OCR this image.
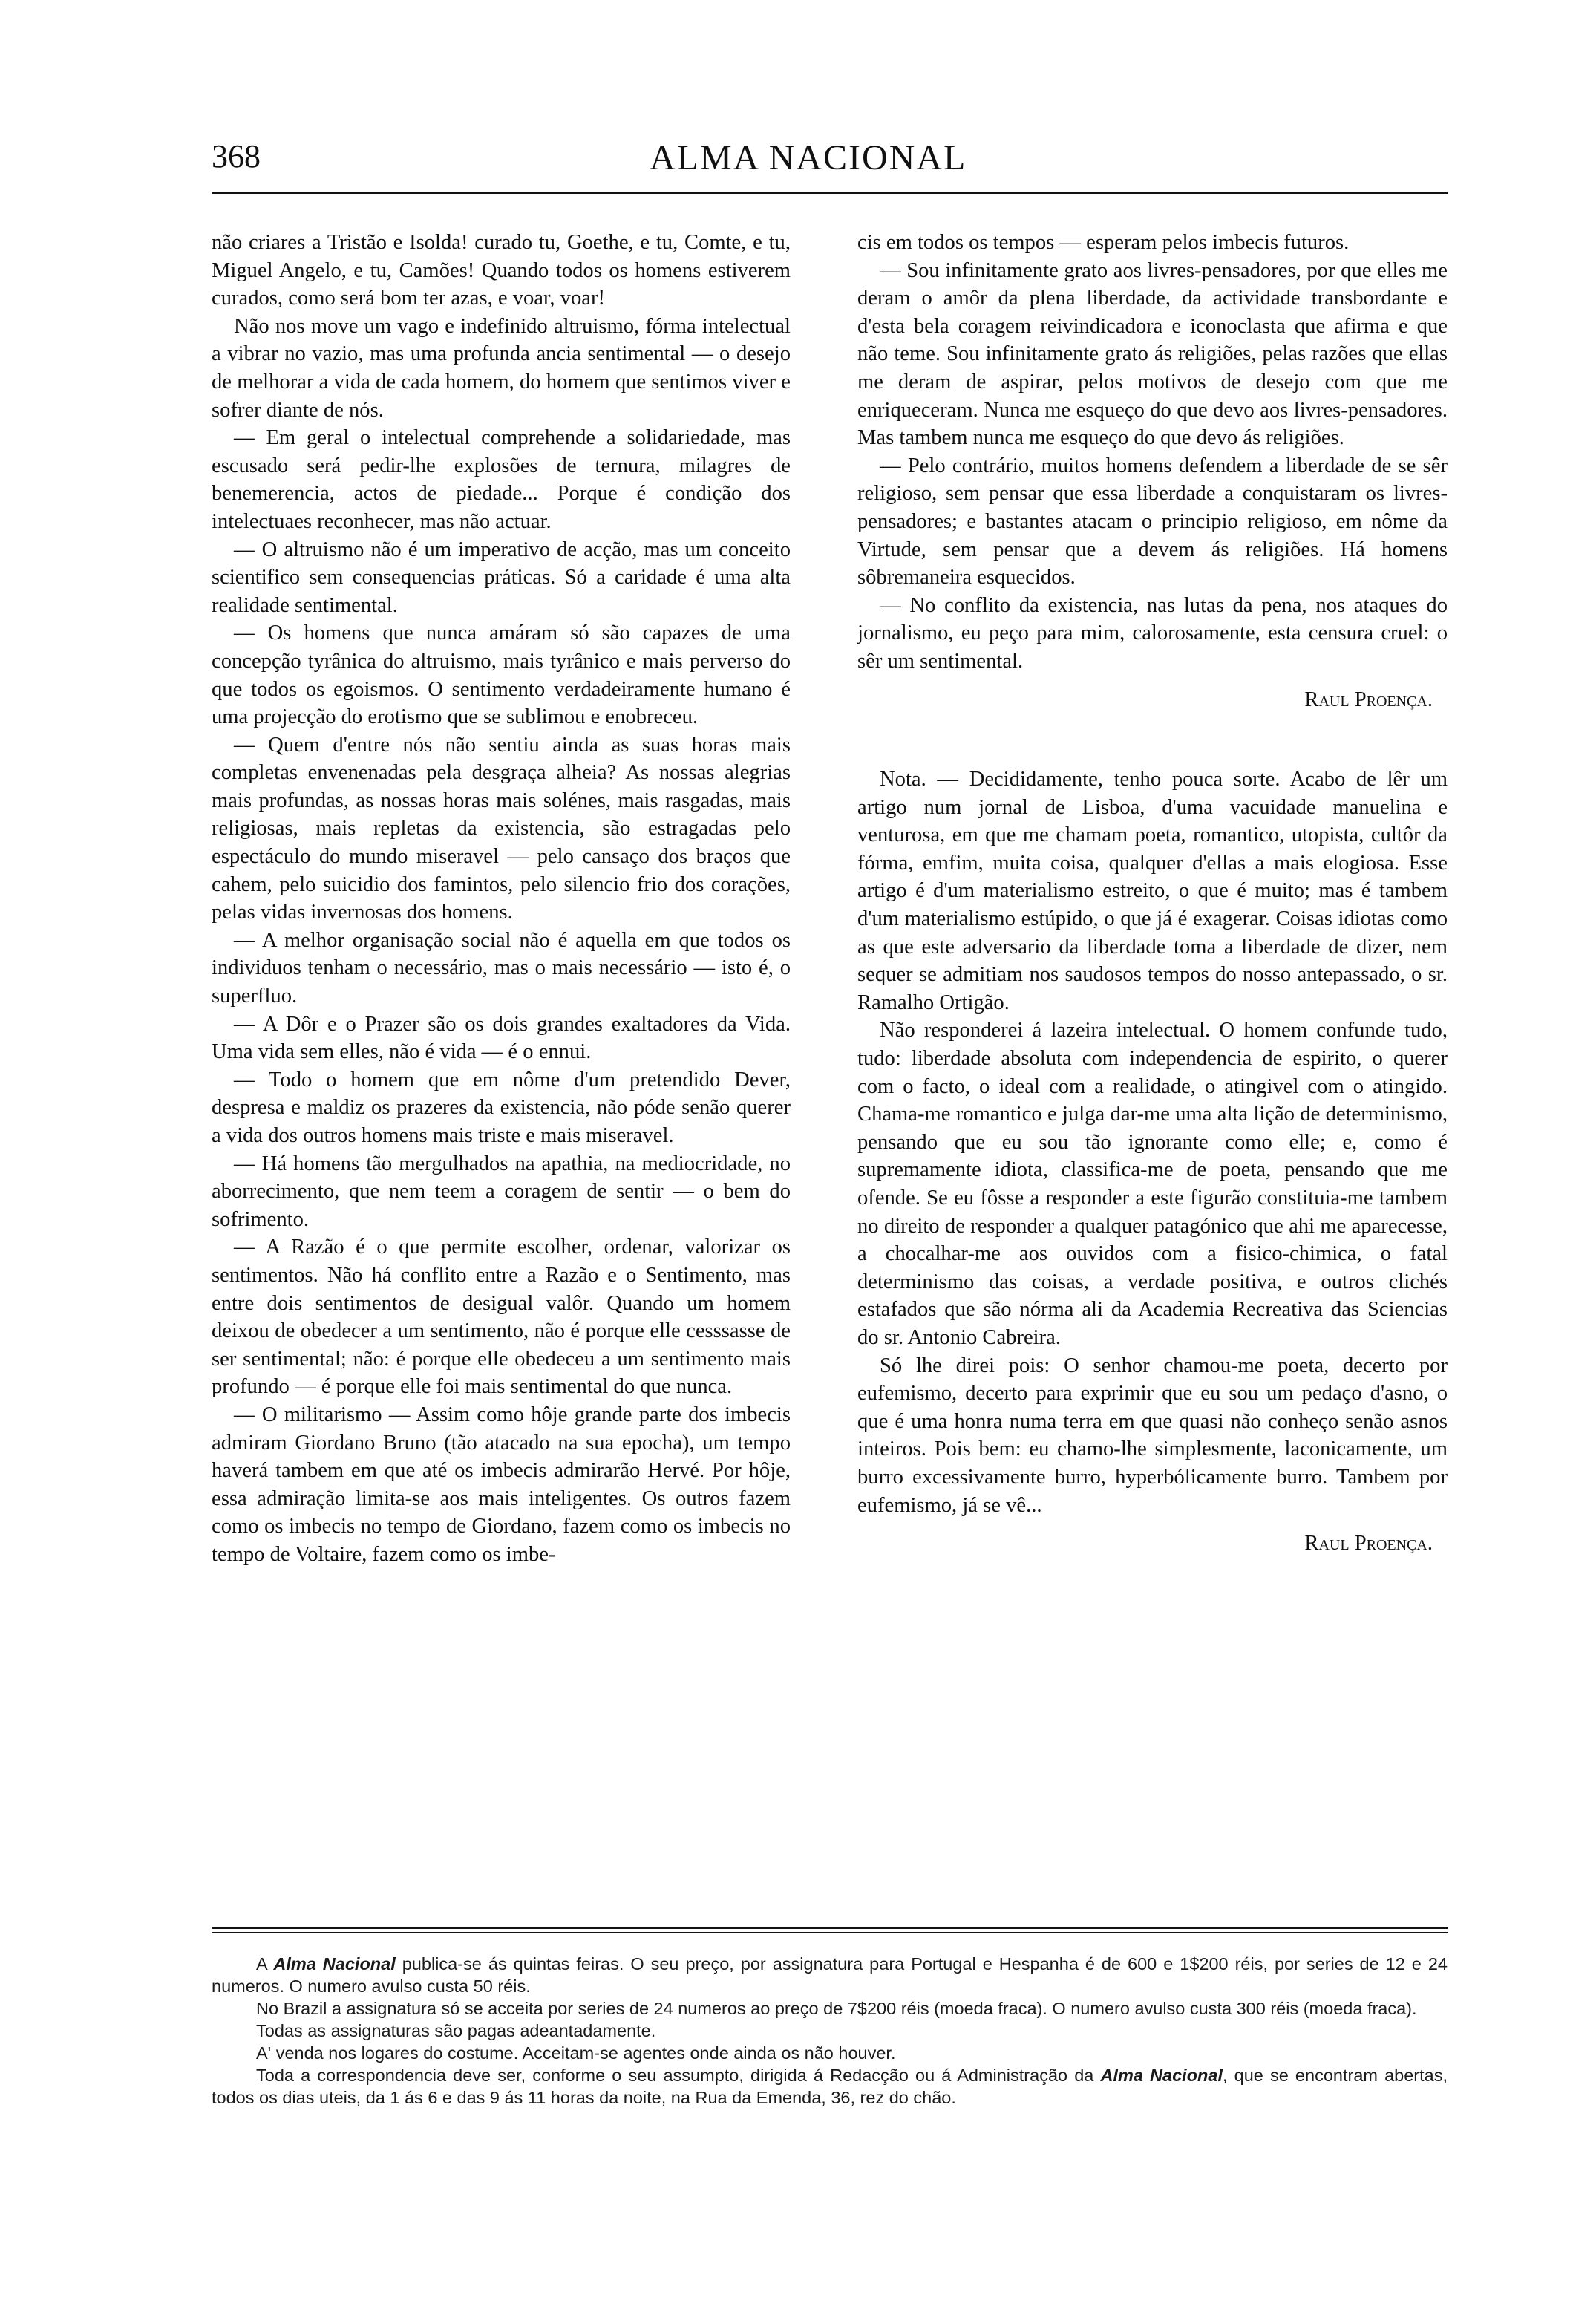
368	ALMA NACIONAL

não criares a Tristão e Isolda! curado tu, Goethe, e tu, Comte, e tu, Miguel Angelo, e tu, Camões! Quando todos os homens estiverem curados, como será bom ter azas, e voar, voar!

Não nos move um vago e indefinido altruismo, fórma intelectual a vibrar no vazio, mas uma profunda ancia sentimental — o desejo de melhorar a vida de cada homem, do homem que sentimos viver e sofrer diante de nós.

— Em geral o intelectual comprehende a solidariedade, mas escusado será pedir-lhe explosões de ternura, milagres de benemerencia, actos de piedade... Porque é condição dos intelectuaes reconhecer, mas não actuar.

— O altruismo não é um imperativo de acção, mas um conceito scientifico sem consequencias práticas. Só a caridade é uma alta realidade sentimental.

— Os homens que nunca amáram só são capazes de uma concepção tyrânica do altruismo, mais tyrânico e mais perverso do que todos os egoismos. O sentimento verdadeiramente humano é uma projecção do erotismo que se sublimou e enobreceu.

— Quem d'entre nós não sentiu ainda as suas horas mais completas envenenadas pela desgraça alheia? As nossas alegrias mais profundas, as nossas horas mais solénes, mais rasgadas, mais religiosas, mais repletas da existencia, são estragadas pelo espectáculo do mundo miseravel — pelo cansaço dos braços que cahem, pelo suicidio dos famintos, pelo silencio frio dos corações, pelas vidas invernosas dos homens.

— A melhor organisação social não é aquella em que todos os individuos tenham o necessário, mas o mais necessário — isto é, o superfluo.

— A Dôr e o Prazer são os dois grandes exaltadores da Vida. Uma vida sem elles, não é vida — é o ennui.

— Todo o homem que em nôme d'um pretendido Dever, despresa e maldiz os prazeres da existencia, não póde senão querer a vida dos outros homens mais triste e mais miseravel.

— Há homens tão mergulhados na apathia, na mediocridade, no aborrecimento, que nem teem a coragem de sentir — o bem do sofrimento.

— A Razão é o que permite escolher, ordenar, valorizar os sentimentos. Não há conflito entre a Razão e o Sentimento, mas entre dois sentimentos de desigual valôr. Quando um homem deixou de obedecer a um sentimento, não é porque elle cesssasse de ser sentimental; não: é porque elle obedeceu a um sentimento mais profundo — é porque elle foi mais sentimental do que nunca.

— O militarismo — Assim como hôje grande parte dos imbecis admiram Giordano Bruno (tão atacado na sua epocha), um tempo haverá tambem em que até os imbecis admirarão Hervé. Por hôje, essa admiração limita-se aos mais inteligentes. Os outros fazem como os imbecis no tempo de Giordano, fazem como os imbecis no tempo de Voltaire, fazem como os imbe-

cis em todos os tempos — esperam pelos imbecis futuros.

— Sou infinitamente grato aos livres-pensadores, por que elles me deram o amôr da plena liberdade, da actividade transbordante e d'esta bela coragem reivindicadora e iconoclasta que afirma e que não teme. Sou infinitamente grato ás religiões, pelas razões que ellas me deram de aspirar, pelos motivos de desejo com que me enriqueceram. Nunca me esqueço do que devo aos livres-pensadores. Mas tambem nunca me esqueço do que devo ás religiões.

— Pelo contrário, muitos homens defendem a liberdade de se sêr religioso, sem pensar que essa liberdade a conquistaram os livres-pensadores; e bastantes atacam o principio religioso, em nôme da Virtude, sem pensar que a devem ás religiões. Há homens sôbremaneira esquecidos.

— No conflito da existencia, nas lutas da pena, nos ataques do jornalismo, eu peço para mim, calorosamente, esta censura cruel: o sêr um sentimental.

Raul Proença.

Nota. — Decididamente, tenho pouca sorte. Acabo de lêr um artigo num jornal de Lisboa, d'uma vacuidade manuelina e venturosa, em que me chamam poeta, romantico, utopista, cultôr da fórma, emfim, muita coisa, qualquer d'ellas a mais elogiosa. Esse artigo é d'um materialismo estreito, o que é muito; mas é tambem d'um materialismo estúpido, o que já é exagerar. Coisas idiotas como as que este adversario da liberdade toma a liberdade de dizer, nem sequer se admitiam nos saudosos tempos do nosso antepassado, o sr. Ramalho Ortigão.

Não responderei á lazeira intelectual. O homem confunde tudo, tudo: liberdade absoluta com independencia de espirito, o querer com o facto, o ideal com a realidade, o atingivel com o atingido. Chama-me romantico e julga dar-me uma alta lição de determinismo, pensando que eu sou tão ignorante como elle; e, como é supremamente idiota, classifica-me de poeta, pensando que me ofende. Se eu fôsse a responder a este figurão constituia-me tambem no direito de responder a qualquer patagónico que ahi me aparecesse, a chocalhar-me aos ouvidos com a fisico-chimica, o fatal determinismo das coisas, a verdade positiva, e outros clichés estafados que são nórma ali da Academia Recreativa das Sciencias do sr. Antonio Cabreira.

Só lhe direi pois: O senhor chamou-me poeta, decerto por eufemismo, decerto para exprimir que eu sou um pedaço d'asno, o que é uma honra numa terra em que quasi não conheço senão asnos inteiros. Pois bem: eu chamo-lhe simplesmente, laconicamente, um burro excessivamente burro, hyperbólicamente burro. Tambem por eufemismo, já se vê...

Raul Proença.

A Alma Nacional publica-se ás quintas feiras. O seu preço, por assignatura para Portugal e Hespanha é de 600 e 1$200 réis, por series de 12 e 24 numeros. O numero avulso custa 50 réis.

No Brazil a assignatura só se acceita por series de 24 numeros ao preço de 7$200 réis (moeda fraca). O numero avulso custa 300 réis (moeda fraca).

Todas as assignaturas são pagas adeantadamente.

A' venda nos logares do costume. Acceitam-se agentes onde ainda os não houver.

Toda a correspondencia deve ser, conforme o seu assumpto, dirigida á Redacção ou á Administração da Alma Nacional, que se encontram abertas, todos os dias uteis, da 1 ás 6 e das 9 ás 11 horas da noite, na Rua da Emenda, 36, rez do chão.
